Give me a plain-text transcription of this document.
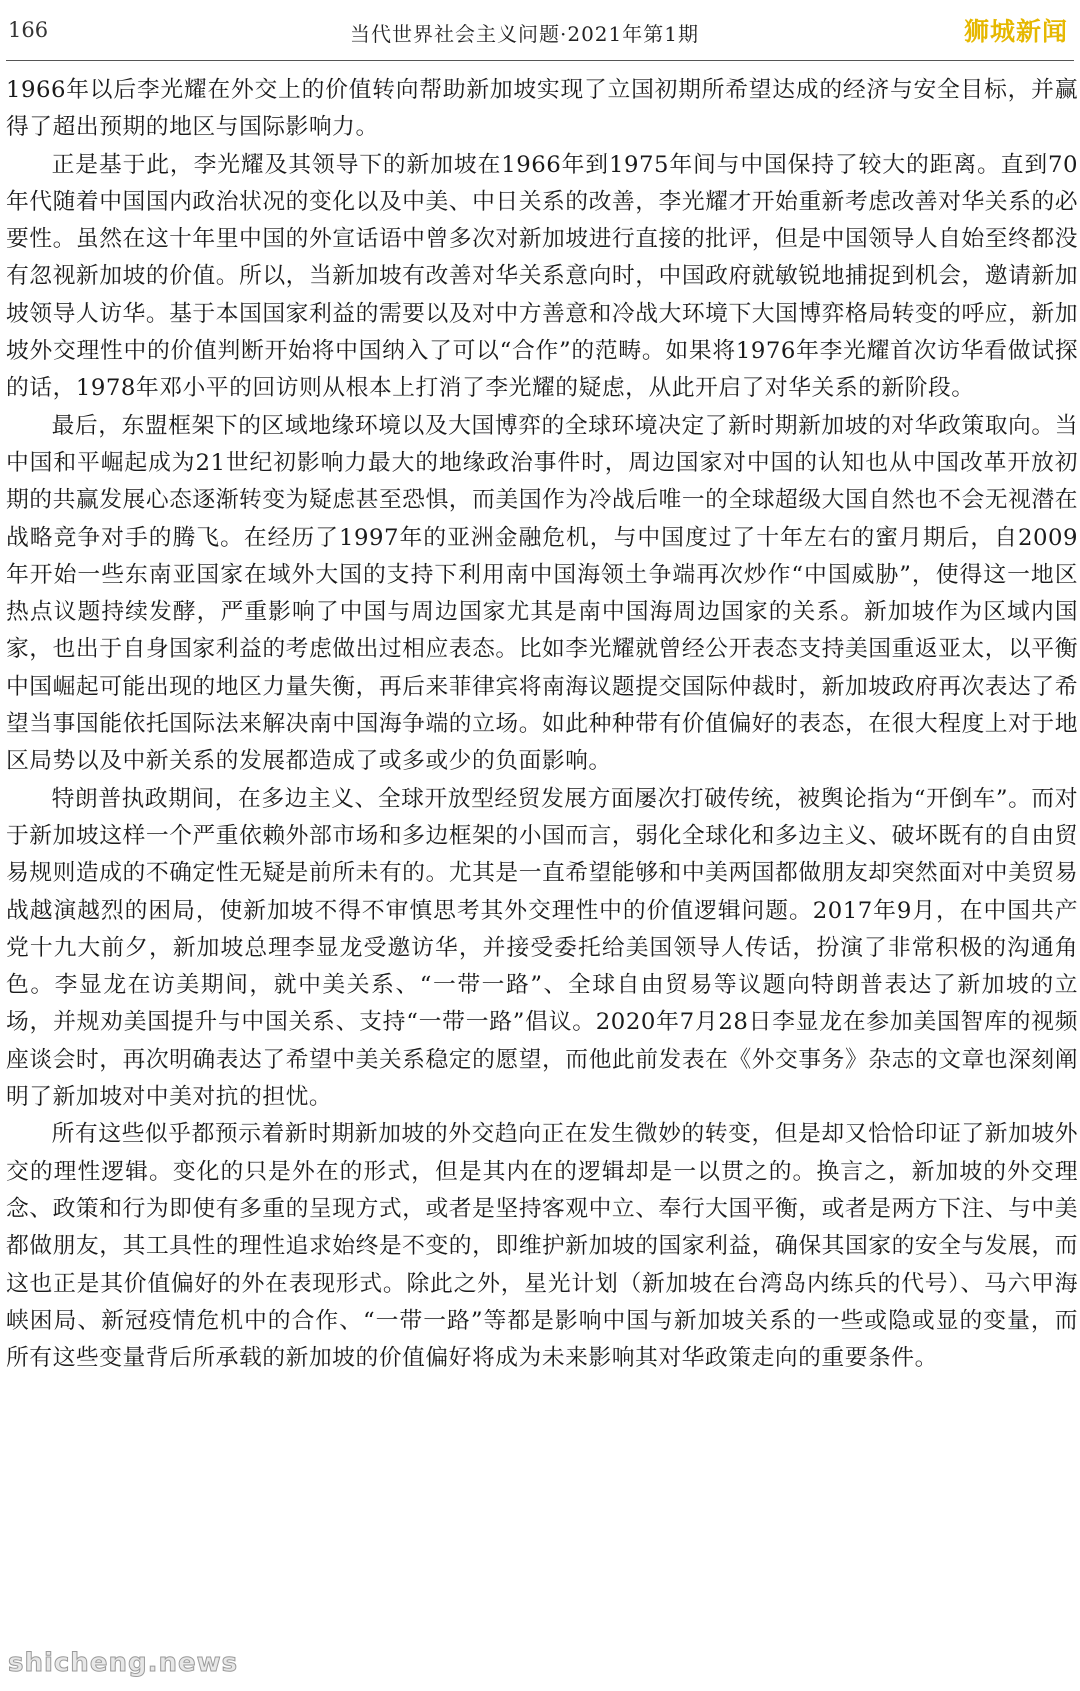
166	当代世界社会主义问题·2021年第1期	狮城新闻

1966年以后李光耀在外交上的价值转向帮助新加坡实现了立国初期所希望达成的经济与安全目标，并赢得了超出预期的地区与国际影响力。

正是基于此，李光耀及其领导下的新加坡在1966年到1975年间与中国保持了较大的距离。直到70年代随着中国国内政治状况的变化以及中美、中日关系的改善，李光耀才开始重新考虑改善对华关系的必要性。虽然在这十年里中国的外宣话语中曾多次对新加坡进行直接的批评，但是中国领导人自始至终都没有忽视新加坡的价值。所以，当新加坡有改善对华关系意向时，中国政府就敏锐地捕捉到机会，邀请新加坡领导人访华。基于本国国家利益的需要以及对中方善意和冷战大环境下大国博弈格局转变的呼应，新加坡外交理性中的价值判断开始将中国纳入了可以“合作”的范畴。如果将1976年李光耀首次访华看做试探的话，1978年邓小平的回访则从根本上打消了李光耀的疑虑，从此开启了对华关系的新阶段。

最后，东盟框架下的区域地缘环境以及大国博弈的全球环境决定了新时期新加坡的对华政策取向。当中国和平崛起成为21世纪初影响力最大的地缘政治事件时，周边国家对中国的认知也从中国改革开放初期的共赢发展心态逐渐转变为疑虑甚至恐惧，而美国作为冷战后唯一的全球超级大国自然也不会无视潜在战略竞争对手的腾飞。在经历了1997年的亚洲金融危机，与中国度过了十年左右的蜜月期后，自2009年开始一些东南亚国家在域外大国的支持下利用南中国海领土争端再次炒作“中国威胁”，使得这一地区热点议题持续发酵，严重影响了中国与周边国家尤其是南中国海周边国家的关系。新加坡作为区域内国家，也出于自身国家利益的考虑做出过相应表态。比如李光耀就曾经公开表态支持美国重返亚太，以平衡中国崛起可能出现的地区力量失衡，再后来菲律宾将南海议题提交国际仲裁时，新加坡政府再次表达了希望当事国能依托国际法来解决南中国海争端的立场。如此种种带有价值偏好的表态，在很大程度上对于地区局势以及中新关系的发展都造成了或多或少的负面影响。

特朗普执政期间，在多边主义、全球开放型经贸发展方面屡次打破传统，被舆论指为“开倒车”。而对于新加坡这样一个严重依赖外部市场和多边框架的小国而言，弱化全球化和多边主义、破坏既有的自由贸易规则造成的不确定性无疑是前所未有的。尤其是一直希望能够和中美两国都做朋友却突然面对中美贸易战越演越烈的困局，使新加坡不得不审慎思考其外交理性中的价值逻辑问题。2017年9月，在中国共产党十九大前夕，新加坡总理李显龙受邀访华，并接受委托给美国领导人传话，扮演了非常积极的沟通角色。李显龙在访美期间，就中美关系、“一带一路”、全球自由贸易等议题向特朗普表达了新加坡的立场，并规劝美国提升与中国关系、支持“一带一路”倡议。2020年7月28日李显龙在参加美国智库的视频座谈会时，再次明确表达了希望中美关系稳定的愿望，而他此前发表在《外交事务》杂志的文章也深刻阐明了新加坡对中美对抗的担忧。

所有这些似乎都预示着新时期新加坡的外交趋向正在发生微妙的转变，但是却又恰恰印证了新加坡外交的理性逻辑。变化的只是外在的形式，但是其内在的逻辑却是一以贯之的。换言之，新加坡的外交理念、政策和行为即使有多重的呈现方式，或者是坚持客观中立、奉行大国平衡，或者是两方下注、与中美都做朋友，其工具性的理性追求始终是不变的，即维护新加坡的国家利益，确保其国家的安全与发展，而这也正是其价值偏好的外在表现形式。除此之外，星光计划（新加坡在台湾岛内练兵的代号）、马六甲海峡困局、新冠疫情危机中的合作、“一带一路”等都是影响中国与新加坡关系的一些或隐或显的变量，而所有这些变量背后所承载的新加坡的价值偏好将成为未来影响其对华政策走向的重要条件。

shicheng.news
